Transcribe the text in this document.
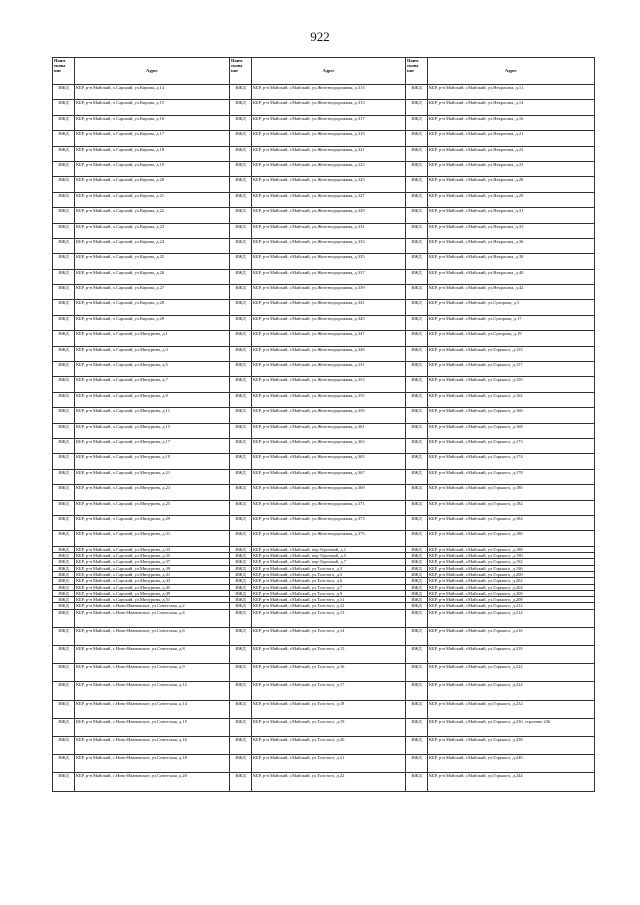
922
Наим енова ние	Адрес	Наим енова ние	Адрес	Наим енова ние	Адрес
ИЖД	КБР, р-н Майский, х.Сарский, ул.Кирова, д.14	ИЖД	КБР, р-н Майский, г.Майский, ул.Железнодорожная, д.313	ИЖД	КБР, р-н Майский, г.Майский, ул.Некрасова, д.11
ИЖД	КБР, р-н Майский, х.Сарский, ул.Кирова, д.15	ИЖД	КБР, р-н Майский, г.Майский, ул.Железнодорожная, д.315	ИЖД	КБР, р-н Майский, г.Майский, ул.Некрасова, д.14
ИЖД	КБР, р-н Майский, х.Сарский, ул.Кирова, д.16	ИЖД	КБР, р-н Майский, г.Майский, ул.Железнодорожная, д.317	ИЖД	КБР, р-н Майский, г.Майский, ул.Некрасова, д.16
ИЖД	КБР, р-н Майский, х.Сарский, ул.Кирова, д.17	ИЖД	КБР, р-н Майский, г.Майский, ул.Железнодорожная, д.319	ИЖД	КБР, р-н Майский, г.Майский, ул.Некрасова, д.21
ИЖД	КБР, р-н Майский, х.Сарский, ул.Кирова, д.18	ИЖД	КБР, р-н Майский, г.Майский, ул.Железнодорожная, д.321	ИЖД	КБР, р-н Майский, г.Майский, ул.Некрасова, д.22
ИЖД	КБР, р-н Майский, х.Сарский, ул.Кирова, д.19	ИЖД	КБР, р-н Майский, г.Майский, ул.Железнодорожная, д.323	ИЖД	КБР, р-н Майский, г.Майский, ул.Некрасова, д.23
ИЖД	КБР, р-н Майский, х.Сарский, ул.Кирова, д.20	ИЖД	КБР, р-н Майский, г.Майский, ул.Железнодорожная, д.325	ИЖД	КБР, р-н Майский, г.Майский, ул.Некрасова, д.28
ИЖД	КБР, р-н Майский, х.Сарский, ул.Кирова, д.21	ИЖД	КБР, р-н Майский, г.Майский, ул.Железнодорожная, д.327	ИЖД	КБР, р-н Майский, г.Майский, ул.Некрасова, д.29
ИЖД	КБР, р-н Майский, х.Сарский, ул.Кирова, д.22	ИЖД	КБР, р-н Майский, г.Майский, ул.Железнодорожная, д.329	ИЖД	КБР, р-н Майский, г.Майский, ул.Некрасова, д.31
ИЖД	КБР, р-н Майский, х.Сарский, ул.Кирова, д.23	ИЖД	КБР, р-н Майский, г.Майский, ул.Железнодорожная, д.331	ИЖД	КБР, р-н Майский, г.Майский, ул.Некрасова, д.33
ИЖД	КБР, р-н Майский, х.Сарский, ул.Кирова, д.24	ИЖД	КБР, р-н Майский, г.Майский, ул.Железнодорожная, д.333	ИЖД	КБР, р-н Майский, г.Майский, ул.Некрасова, д.36
ИЖД	КБР, р-н Майский, х.Сарский, ул.Кирова, д.25	ИЖД	КБР, р-н Майский, г.Майский, ул.Железнодорожная, д.335	ИЖД	КБР, р-н Майский, г.Майский, ул.Некрасова, д.38
ИЖД	КБР, р-н Майский, х.Сарский, ул.Кирова, д.26	ИЖД	КБР, р-н Майский, г.Майский, ул.Железнодорожная, д.337	ИЖД	КБР, р-н Майский, г.Майский, ул.Некрасова, д.40
ИЖД	КБР, р-н Майский, х.Сарский, ул.Кирова, д.27	ИЖД	КБР, р-н Майский, г.Майский, ул.Железнодорожная, д.339	ИЖД	КБР, р-н Майский, г.Майский, ул.Некрасова, д.42
ИЖД	КБР, р-н Майский, х.Сарский, ул.Кирова, д.28	ИЖД	КБР, р-н Майский, г.Майский, ул.Железнодорожная, д.341	ИЖД	КБР, р-н Майский, г.Майский, ул.Суворова, д.3
ИЖД	КБР, р-н Майский, х.Сарский, ул.Кирова, д.29	ИЖД	КБР, р-н Майский, г.Майский, ул.Железнодорожная, д.345	ИЖД	КБР, р-н Майский, г.Майский, ул.Суворова, д.17
ИЖД	КБР, р-н Майский, х.Сарский, ул.Мичурина, д.1	ИЖД	КБР, р-н Майский, г.Майский, ул.Железнодорожная, д.347	ИЖД	КБР, р-н Майский, г.Майский, ул.Суворова, д.19
ИЖД	КБР, р-н Майский, х.Сарский, ул.Мичурина, д.3	ИЖД	КБР, р-н Майский, г.Майский, ул.Железнодорожная, д.349	ИЖД	КБР, р-н Майский, г.Майский, ул.Горького, д.155
ИЖД	КБР, р-н Майский, х.Сарский, ул.Мичурина, д.5	ИЖД	КБР, р-н Майский, г.Майский, ул.Железнодорожная, д.351	ИЖД	КБР, р-н Майский, г.Майский, ул.Горького, д.157
ИЖД	КБР, р-н Майский, х.Сарский, ул.Мичурина, д.7	ИЖД	КБР, р-н Майский, г.Майский, ул.Железнодорожная, д.353	ИЖД	КБР, р-н Майский, г.Майский, ул.Горького, д.159
ИЖД	КБР, р-н Майский, х.Сарский, ул.Мичурина, д.9	ИЖД	КБР, р-н Майский, г.Майский, ул.Железнодорожная, д.355	ИЖД	КБР, р-н Майский, г.Майский, ул.Горького, д.162
ИЖД	КБР, р-н Майский, х.Сарский, ул.Мичурина, д.11	ИЖД	КБР, р-н Майский, г.Майский, ул.Железнодорожная, д.359	ИЖД	КБР, р-н Майский, г.Майский, ул.Горького, д.166
ИЖД	КБР, р-н Майский, х.Сарский, ул.Мичурина, д.15	ИЖД	КБР, р-н Майский, г.Майский, ул.Железнодорожная, д.361	ИЖД	КБР, р-н Майский, г.Майский, ул.Горького, д.168
ИЖД	КБР, р-н Майский, х.Сарский, ул.Мичурина, д.17	ИЖД	КБР, р-н Майский, г.Майский, ул.Железнодорожная, д.363	ИЖД	КБР, р-н Майский, г.Майский, ул.Горького, д.173
ИЖД	КБР, р-н Майский, х.Сарский, ул.Мичурина, д.19	ИЖД	КБР, р-н Майский, г.Майский, ул.Железнодорожная, д.365	ИЖД	КБР, р-н Майский, г.Майский, ул.Горького, д.174
ИЖД	КБР, р-н Майский, х.Сарский, ул.Мичурина, д.21	ИЖД	КБР, р-н Майский, г.Майский, ул.Железнодорожная, д.367	ИЖД	КБР, р-н Майский, г.Майский, ул.Горького, д.178
ИЖД	КБР, р-н Майский, х.Сарский, ул.Мичурина, д.23	ИЖД	КБР, р-н Майский, г.Майский, ул.Железнодорожная, д.369	ИЖД	КБР, р-н Майский, г.Майский, ул.Горького, д.180
ИЖД	КБР, р-н Майский, х.Сарский, ул.Мичурина, д.25	ИЖД	КБР, р-н Майский, г.Майский, ул.Железнодорожная, д.371	ИЖД	КБР, р-н Майский, г.Майский, ул.Горького, д.182
ИЖД	КБР, р-н Майский, х.Сарский, ул.Мичурина, д.29	ИЖД	КБР, р-н Майский, г.Майский, ул.Железнодорожная, д.373	ИЖД	КБР, р-н Майский, г.Майский, ул.Горького, д.184
ИЖД	КБР, р-н Майский, х.Сарский, ул.Мичурина, д.31	ИЖД	КБР, р-н Майский, г.Майский, ул.Железнодорожная, д.375	ИЖД	КБР, р-н Майский, г.Майский, ул.Горького, д.186
ИЖД	КБР, р-н Майский, х.Сарский, ул.Мичурина, д.33	ИЖД	КБР, р-н Майский, г.Майский, пер.Торговый, д.1	ИЖД	КБР, р-н Майский, г.Майский, ул.Горького, д.188
ИЖД	КБР, р-н Майский, х.Сарский, ул.Мичурина, д.35	ИЖД	КБР, р-н Майский, г.Майский, пер.Торговый, д.5	ИЖД	КБР, р-н Майский, г.Майский, ул.Горького, д.190
ИЖД	КБР, р-н Майский, х.Сарский, ул.Мичурина, д.37	ИЖД	КБР, р-н Майский, г.Майский, пер.Торговый, д.7	ИЖД	КБР, р-н Майский, г.Майский, ул.Горького, д.192
ИЖД	КБР, р-н Майский, х.Сарский, ул.Мичурина, д.39	ИЖД	КБР, р-н Майский, г.Майский, ул.Толстого, д.3	ИЖД	КБР, р-н Майский, г.Майский, ул.Горького, д.196
ИЖД	КБР, р-н Майский, х.Сарский, ул.Мичурина, д.41	ИЖД	КБР, р-н Майский, г.Майский, ул.Толстого, д.5	ИЖД	КБР, р-н Майский, г.Майский, ул.Горького, д.200
ИЖД	КБР, р-н Майский, х.Сарский, ул.Мичурина, д.43	ИЖД	КБР, р-н Майский, г.Майский, ул.Толстого, д.6	ИЖД	КБР, р-н Майский, г.Майский, ул.Горького, д.202
ИЖД	КБР, р-н Майский, х.Сарский, ул.Мичурина, д.45	ИЖД	КБР, р-н Майский, г.Майский, ул.Толстого, д.7	ИЖД	КБР, р-н Майский, г.Майский, ул.Горького, д.204
ИЖД	КБР, р-н Майский, х.Сарский, ул.Мичурина, д.49	ИЖД	КБР, р-н Майский, г.Майский, ул.Толстого, д.9	ИЖД	КБР, р-н Майский, г.Майский, ул.Горького, д.206
ИЖД	КБР, р-н Майский, х.Сарский, ул.Мичурина, д.51	ИЖД	КБР, р-н Майский, г.Майский, ул.Толстого, д.11	ИЖД	КБР, р-н Майский, г.Майский, ул.Горького, д.208
ИЖД	КБР, р-н Майский, с.Ново-Ивановское, ул.Советская, д.2	ИЖД	КБР, р-н Майский, г.Майский, ул.Толстого, д.12	ИЖД	КБР, р-н Майский, г.Майский, ул.Горького, д.212
ИЖД	КБР, р-н Майский, с.Ново-Ивановское, ул.Советская, д.4	ИЖД	КБР, р-н Майский, г.Майский, ул.Толстого, д.13	ИЖД	КБР, р-н Майский, г.Майский, ул.Горького, д.214
ИЖД	КБР, р-н Майский, с.Ново-Ивановское, ул.Советская, д.6	ИЖД	КБР, р-н Майский, г.Майский, ул.Толстого, д.14	ИЖД	КБР, р-н Майский, г.Майский, ул.Горького, д.216
ИЖД	КБР, р-н Майский, с.Ново-Ивановское, ул.Советская, д.8	ИЖД	КБР, р-н Майский, г.Майский, ул.Толстого, д.15	ИЖД	КБР, р-н Майский, г.Майский, ул.Горького, д.218
ИЖД	КБР, р-н Майский, с.Ново-Ивановское, ул.Советская, д.9	ИЖД	КБР, р-н Майский, г.Майский, ул.Толстого, д.16	ИЖД	КБР, р-н Майский, г.Майский, ул.Горького, д.222
ИЖД	КБР, р-н Майский, с.Ново-Ивановское, ул.Советская, д.12	ИЖД	КБР, р-н Майский, г.Майский, ул.Толстого, д.17	ИЖД	КБР, р-н Майский, г.Майский, ул.Горького, д.224
ИЖД	КБР, р-н Майский, с.Ново-Ивановское, ул.Советская, д.14	ИЖД	КБР, р-н Майский, г.Майский, ул.Толстого, д.18	ИЖД	КБР, р-н Майский, г.Майский, ул.Горького, д.232
ИЖД	КБР, р-н Майский, с.Ново-Ивановское, ул.Советская, д.15	ИЖД	КБР, р-н Майский, г.Майский, ул.Толстого, д.19	ИЖД	КБР, р-н Майский, г.Майский, ул.Горького, д.236, строение 236
ИЖД	КБР, р-н Майский, с.Ново-Ивановское, ул.Советская, д.16	ИЖД	КБР, р-н Майский, г.Майский, ул.Толстого, д.20	ИЖД	КБР, р-н Майский, г.Майский, ул.Горького, д.238
ИЖД	КБР, р-н Майский, с.Ново-Ивановское, ул.Советская, д.18	ИЖД	КБР, р-н Майский, г.Майский, ул.Толстого, д.21	ИЖД	КБР, р-н Майский, г.Майский, ул.Горького, д.240
ИЖД	КБР, р-н Майский, с.Ново-Ивановское, ул.Советская, д.20	ИЖД	КБР, р-н Майский, г.Майский, ул.Толстого, д.22	ИЖД	КБР, р-н Майский, г.Майский, ул.Горького, д.244
